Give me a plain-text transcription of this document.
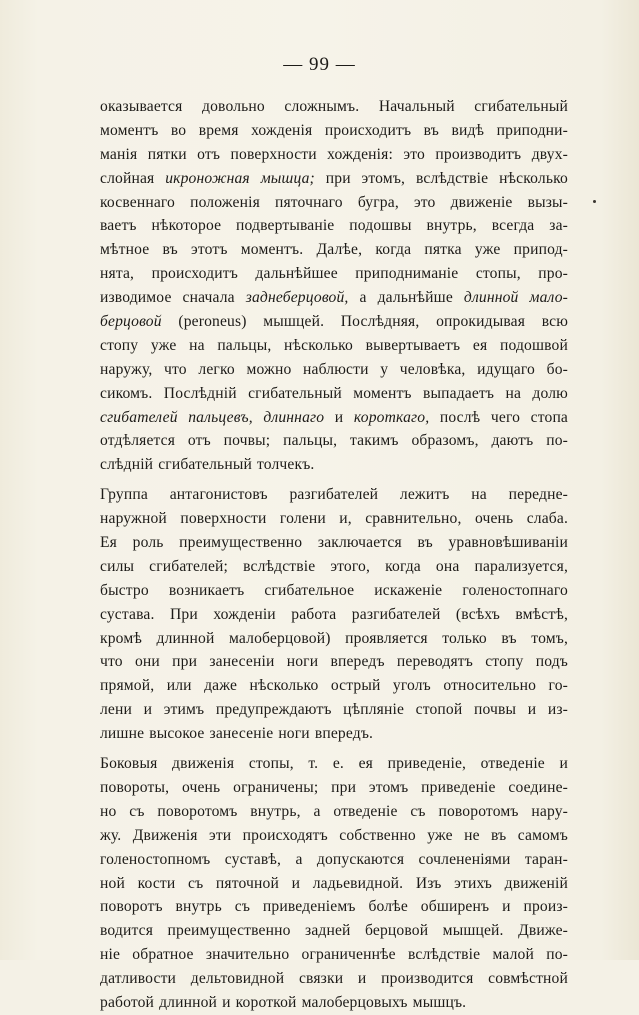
— 99 —
оказывается довольно сложнымъ. Начальный сгибательный
моментъ во время хожденія происходитъ въ видѣ приподни-
манія пятки отъ поверхности хожденія: это производитъ двух-
слойная икроножная мышца; при этомъ, вслѣдствіе нѣсколько
косвеннаго положенія пяточнаго бугра, это движеніе вызы-
ваетъ нѣкоторое подвертываніе подошвы внутрь, всегда за-
мѣтное въ этотъ моментъ. Далѣе, когда пятка уже припод-
нята, происходитъ дальнѣйшее приподниманіе стопы, про-
изводимое сначала заднеберцовой, а дальнѣйше длинной мало-
берцовой (peroneus) мышцей. Послѣдняя, опрокидывая всю
стопу уже на пальцы, нѣсколько вывертываетъ ея подошвой
наружу, что легко можно наблюсти у человѣка, идущаго бо-
сикомъ. Послѣдній сгибательный моментъ выпадаетъ на долю
сгибателей пальцевъ, длиннаго и короткаго, послѣ чего стопа
отдѣляется отъ почвы; пальцы, такимъ образомъ, даютъ по-
слѣдній сгибательный толчекъ.
Группа антагонистовъ разгибателей лежитъ на передне-
наружной поверхности голени и, сравнительно, очень слаба.
Ея роль преимущественно заключается въ уравновѣшиваніи
силы сгибателей; вслѣдствіе этого, когда она парализуется,
быстро возникаетъ сгибательное искаженіе голеностопнаго
сустава. При хожденіи работа разгибателей (всѣхъ вмѣстѣ,
кромѣ длинной малоберцовой) проявляется только въ томъ,
что они при занесеніи ноги впередъ переводятъ стопу подъ
прямой, или даже нѣсколько острый уголъ относительно го-
лени и этимъ предупреждаютъ цѣпляніе стопой почвы и из-
лишне высокое занесеніе ноги впередъ.
Боковыя движенія стопы, т. е. ея приведеніе, отведеніе и
повороты, очень ограничены; при этомъ приведеніе соедине-
но съ поворотомъ внутрь, а отведеніе съ поворотомъ нару-
жу. Движенія эти происходятъ собственно уже не въ самомъ
голеностопномъ суставѣ, а допускаются сочлененіями таран-
ной кости съ пяточной и ладьевидной. Изъ этихъ движеній
поворотъ внутрь съ приведеніемъ болѣе обширенъ и произ-
водится преимущественно задней берцовой мышцей. Движе-
ніе обратное значительно ограниченнѣе вслѣдствіе малой по-
датливости дельтовидной связки и производится совмѣстной
работой длинной и короткой малоберцовыхъ мышцъ.
